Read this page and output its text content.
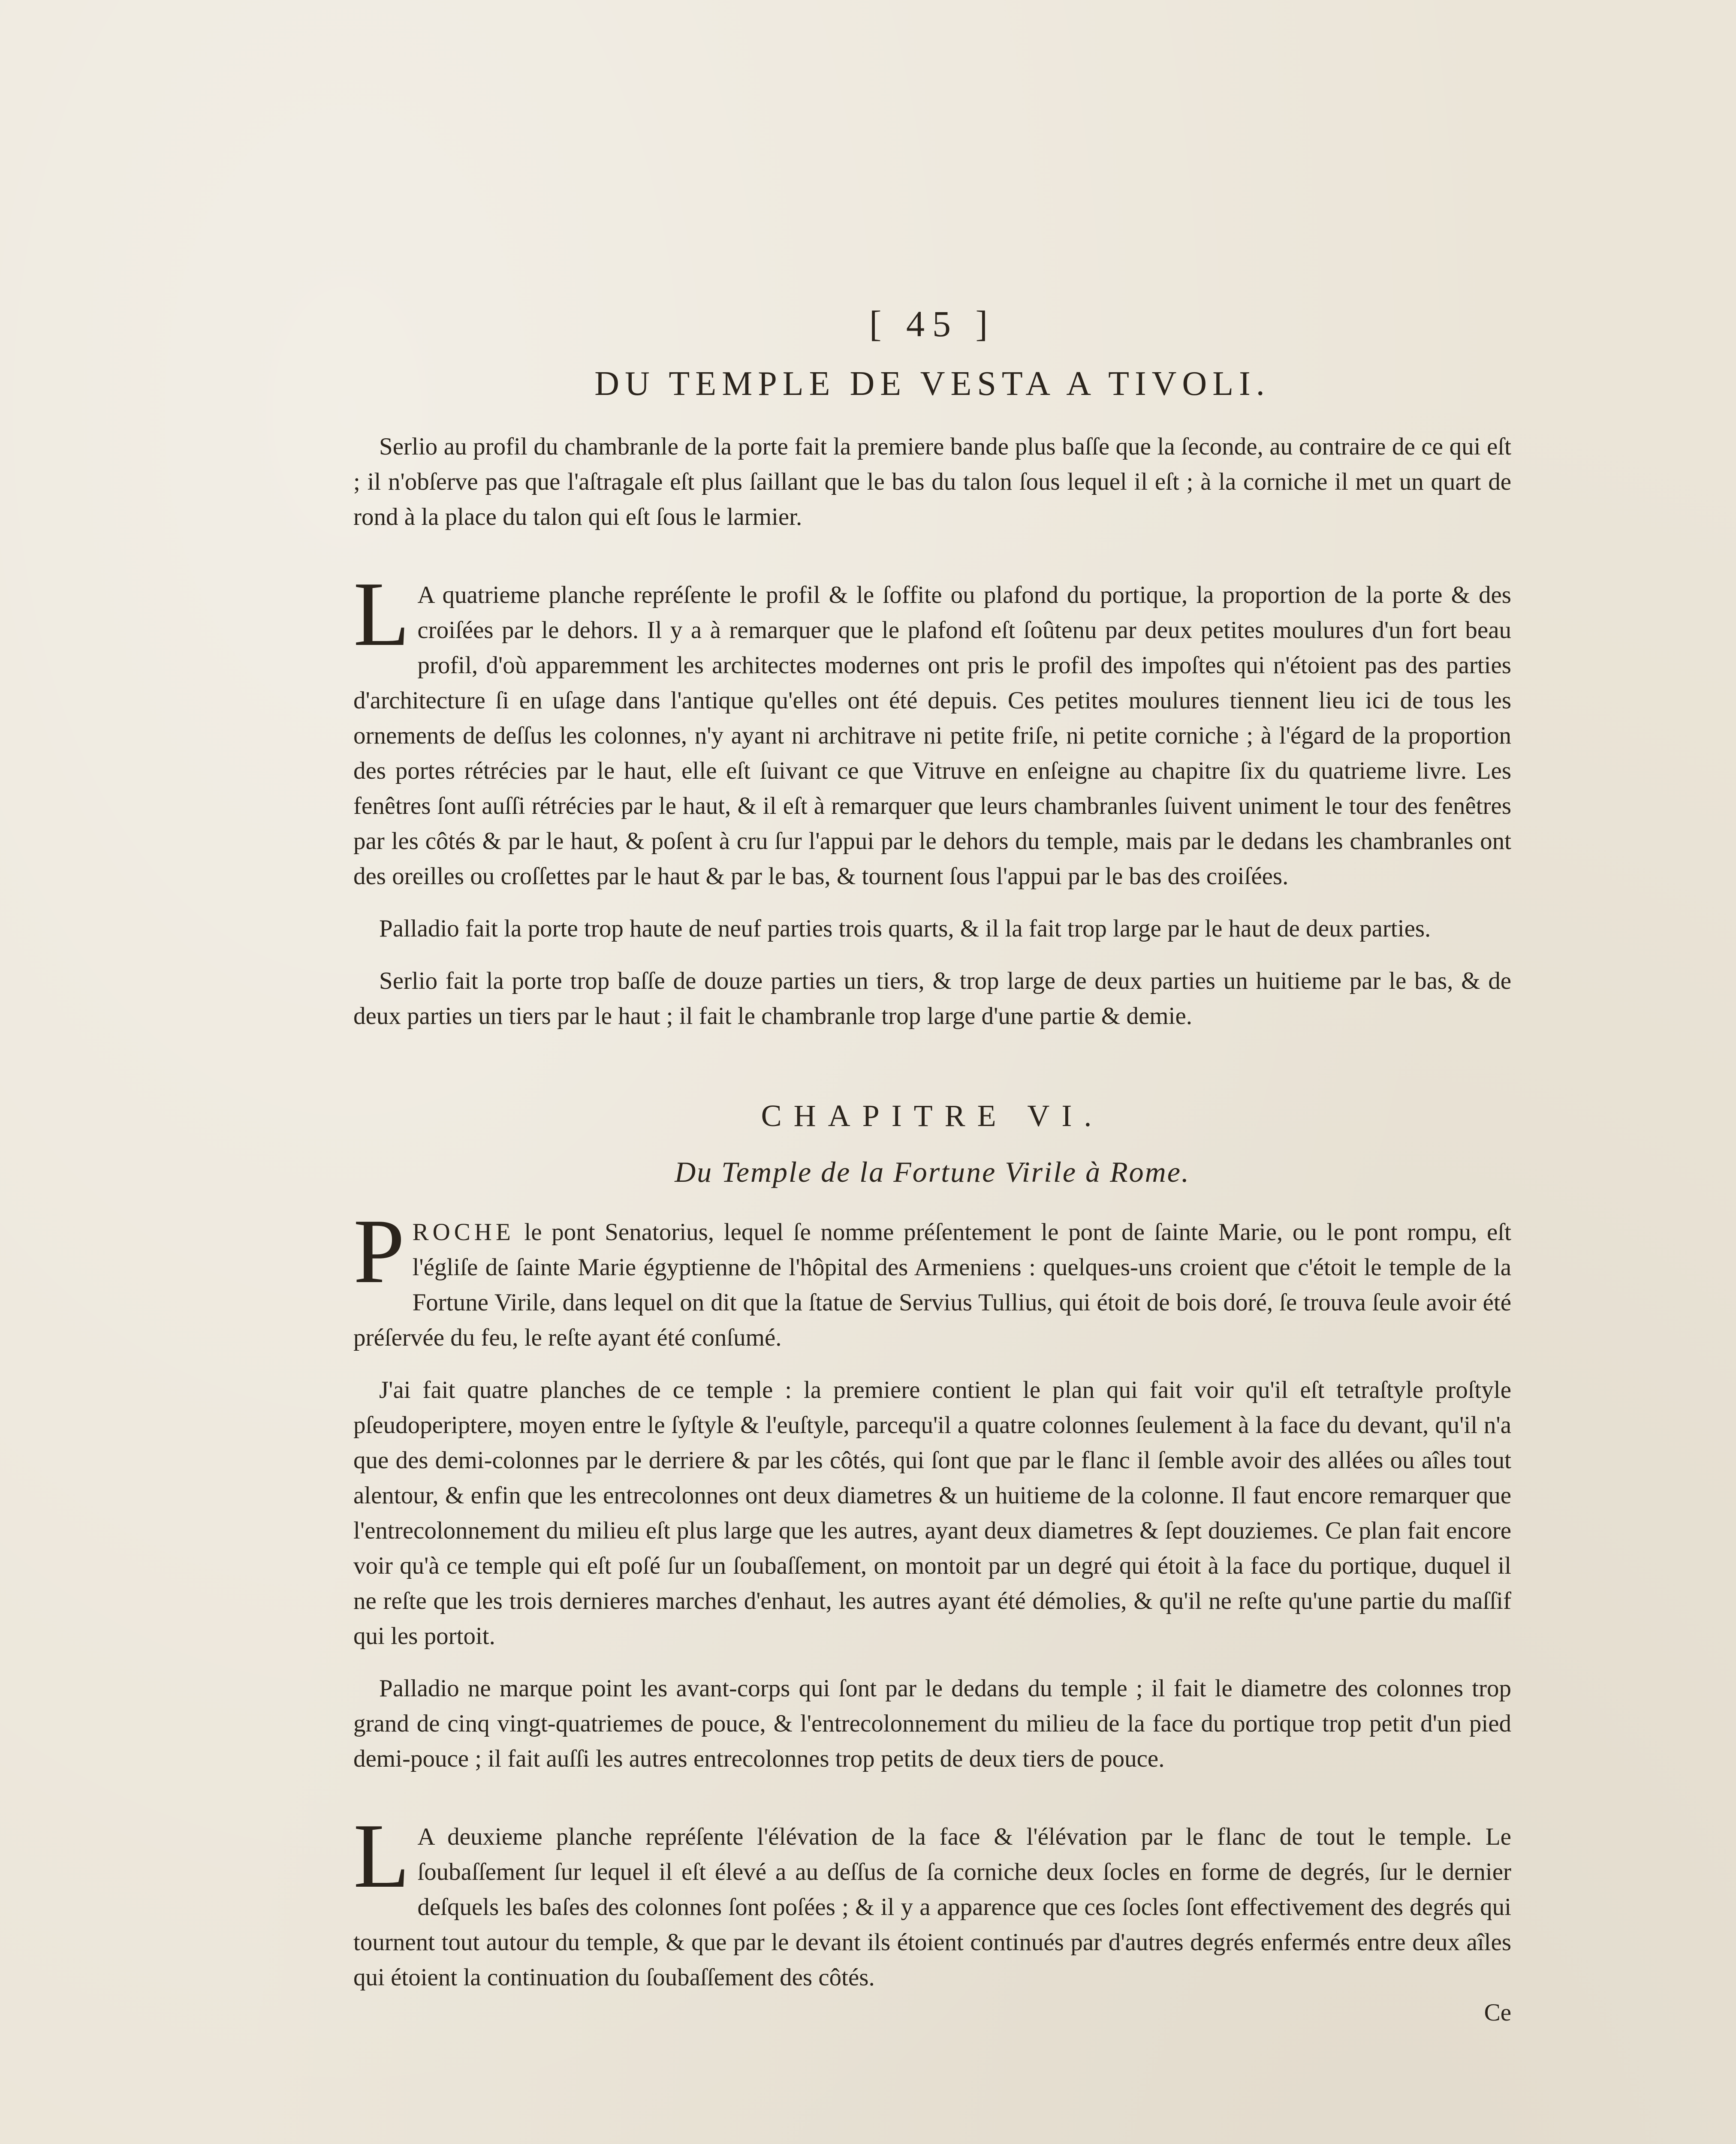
[ 45 ]
DU TEMPLE DE VESTA A TIVOLI.

Serlio au profil du chambranle de la porte fait la premiere bande plus baſſe que la ſeconde, au contraire de ce qui eſt ; il n'obſerve pas que l'aſtragale eſt plus ſaillant que le bas du talon ſous lequel il eſt ; à la corniche il met un quart de rond à la place du talon qui eſt ſous le larmier.

L A quatrieme planche repréſente le profil & le ſoffite ou plafond du portique, la proportion de la porte & des croiſées par le dehors. Il y a à remarquer que le plafond eſt ſoûtenu par deux petites moulures d'un fort beau profil, d'où apparemment les architectes modernes ont pris le profil des impoſtes qui n'étoient pas des parties d'architecture ſi en uſage dans l'antique qu'elles ont été depuis. Ces petites moulures tiennent lieu ici de tous les ornements de deſſus les colonnes, n'y ayant ni architrave ni petite friſe, ni petite corniche ; à l'égard de la proportion des portes rétrécies par le haut, elle eſt ſuivant ce que Vitruve en enſeigne au chapitre ſix du quatrieme livre. Les fenêtres ſont auſſi rétrécies par le haut, & il eſt à remarquer que leurs chambranles ſuivent uniment le tour des fenêtres par les côtés & par le haut, & poſent à cru ſur l'appui par le dehors du temple, mais par le dedans les chambranles ont des oreilles ou croſſettes par le haut & par le bas, & tournent ſous l'appui par le bas des croiſées.

Palladio fait la porte trop haute de neuf parties trois quarts, & il la fait trop large par le haut de deux parties.

Serlio fait la porte trop baſſe de douze parties un tiers, & trop large de deux parties un huitieme par le bas, & de deux parties un tiers par le haut ; il fait le chambranle trop large d'une partie & demie.

CHAPITRE VI.
Du Temple de la Fortune Virile à Rome.

PROCHE le pont Senatorius, lequel ſe nomme préſentement le pont de ſainte Marie, ou le pont rompu, eſt l'égliſe de ſainte Marie égyptienne de l'hôpital des Armeniens : quelques-uns croient que c'étoit le temple de la Fortune Virile, dans lequel on dit que la ſtatue de Servius Tullius, qui étoit de bois doré, ſe trouva ſeule avoir été préſervée du feu, le reſte ayant été conſumé.

J'ai fait quatre planches de ce temple : la premiere contient le plan qui fait voir qu'il eſt tetraſtyle proſtyle pſeudoperiptere, moyen entre le ſyſtyle & l'euſtyle, parcequ'il a quatre colonnes ſeulement à la face du devant, qu'il n'a que des demi-colonnes par le derriere & par les côtés, qui ſont que par le flanc il ſemble avoir des allées ou aîles tout alentour, & enfin que les entrecolonnes ont deux diametres & un huitieme de la colonne. Il faut encore remarquer que l'entrecolonnement du milieu eſt plus large que les autres, ayant deux diametres & ſept douziemes. Ce plan fait encore voir qu'à ce temple qui eſt poſé ſur un ſoubaſſement, on montoit par un degré qui étoit à la face du portique, duquel il ne reſte que les trois dernieres marches d'enhaut, les autres ayant été démolies, & qu'il ne reſte qu'une partie du maſſif qui les portoit.

Palladio ne marque point les avant-corps qui ſont par le dedans du temple ; il fait le diametre des colonnes trop grand de cinq vingt-quatriemes de pouce, & l'entrecolonnement du milieu de la face du portique trop petit d'un pied demi-pouce ; il fait auſſi les autres entrecolonnes trop petits de deux tiers de pouce.

L A deuxieme planche repréſente l'élévation de la face & l'élévation par le flanc de tout le temple. Le ſoubaſſement ſur lequel il eſt élevé a au deſſus de ſa corniche deux ſocles en forme de degrés, ſur le dernier deſquels les baſes des colonnes ſont poſées ; & il y a apparence que ces ſocles ſont effectivement des degrés qui tournent tout autour du temple, & que par le devant ils étoient continués par d'autres degrés enfermés entre deux aîles qui étoient la continuation du ſoubaſſement des côtés.

Ce
